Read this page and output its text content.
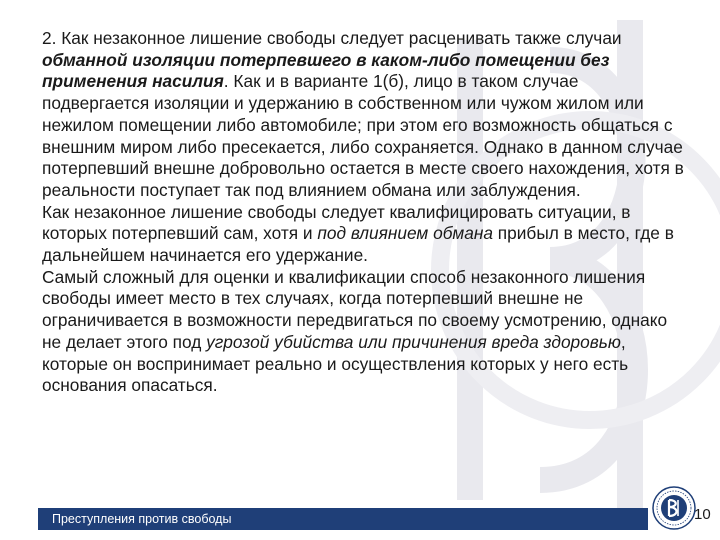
2. Как незаконное лишение свободы следует расценивать также случаи обманной изоляции потерпевшего в каком-либо помещении без применения насилия. Как и в варианте 1(б), лицо в таком случае подвергается изоляции и удержанию в собственном или чужом жилом или нежилом помещении либо автомобиле; при этом его возможность общаться с внешним миром либо пресекается, либо сохраняется. Однако в данном случае потерпевший внешне добровольно остается в месте своего нахождения, хотя в реальности поступает так под влиянием обмана или заблуждения.

Как незаконное лишение свободы следует квалифицировать ситуации, в которых потерпевший сам, хотя и под влиянием обмана прибыл в место, где в дальнейшем начинается его удержание.

Самый сложный для оценки и квалификации способ незаконного лишения свободы имеет место в тех случаях, когда потерпевший внешне не ограничивается в возможности передвигаться по своему усмотрению, однако не делает этого под угрозой убийства или причинения вреда здоровью, которые он воспринимает реально и осуществления которых у него есть основания опасаться.

Преступления против свободы	10
